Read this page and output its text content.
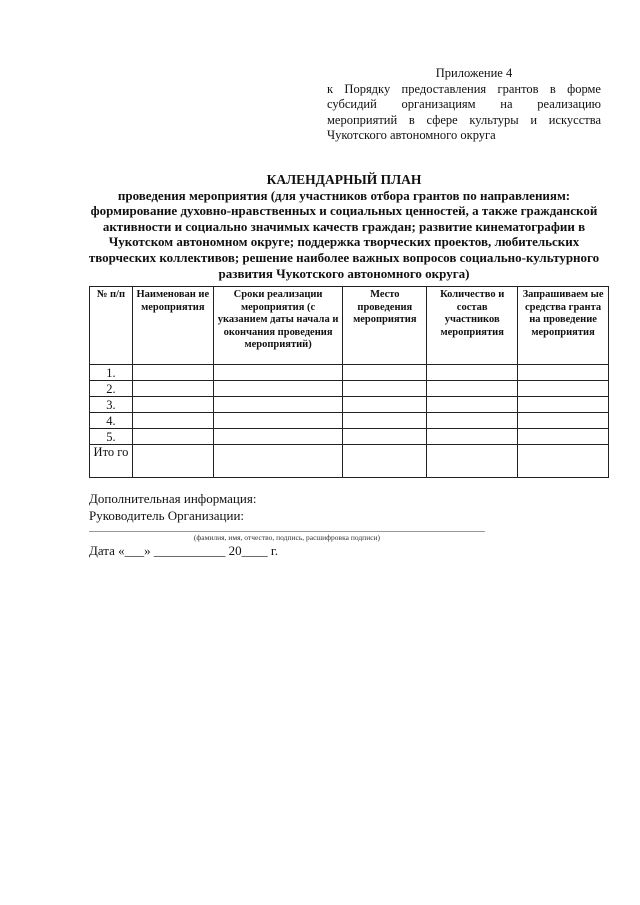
Приложение 4
к Порядку предоставления грантов в форме
субсидий организациям на реализацию
мероприятий в сфере культуры и искусства
Чукотского автономного округа
КАЛЕНДАРНЫЙ ПЛАН
проведения мероприятия (для участников отбора грантов по направлениям:
формирование духовно-нравственных и социальных ценностей, а также гражданской
активности и социально значимых качеств граждан; развитие кинематографии в
Чукотском автономном округе; поддержка творческих проектов, любительских
творческих коллективов; решение наиболее важных вопросов социально-культурного
развития Чукотского автономного округа)
№ п/п	Наименован ие мероприятия	Сроки реализации мероприятия (с указанием даты начала и окончания проведения мероприятий)	Место проведения мероприятия	Количество и состав участников мероприятия	Запрашиваем ые средства гранта на проведение мероприятия
1.					
2.					
3.					
4.					
5.					
Ито го					
Дополнительная информация:
Руководитель Организации:
(фамилия, имя, отчество, подпись, расшифровка подписи)
Дата «___» ___________ 20____ г.
